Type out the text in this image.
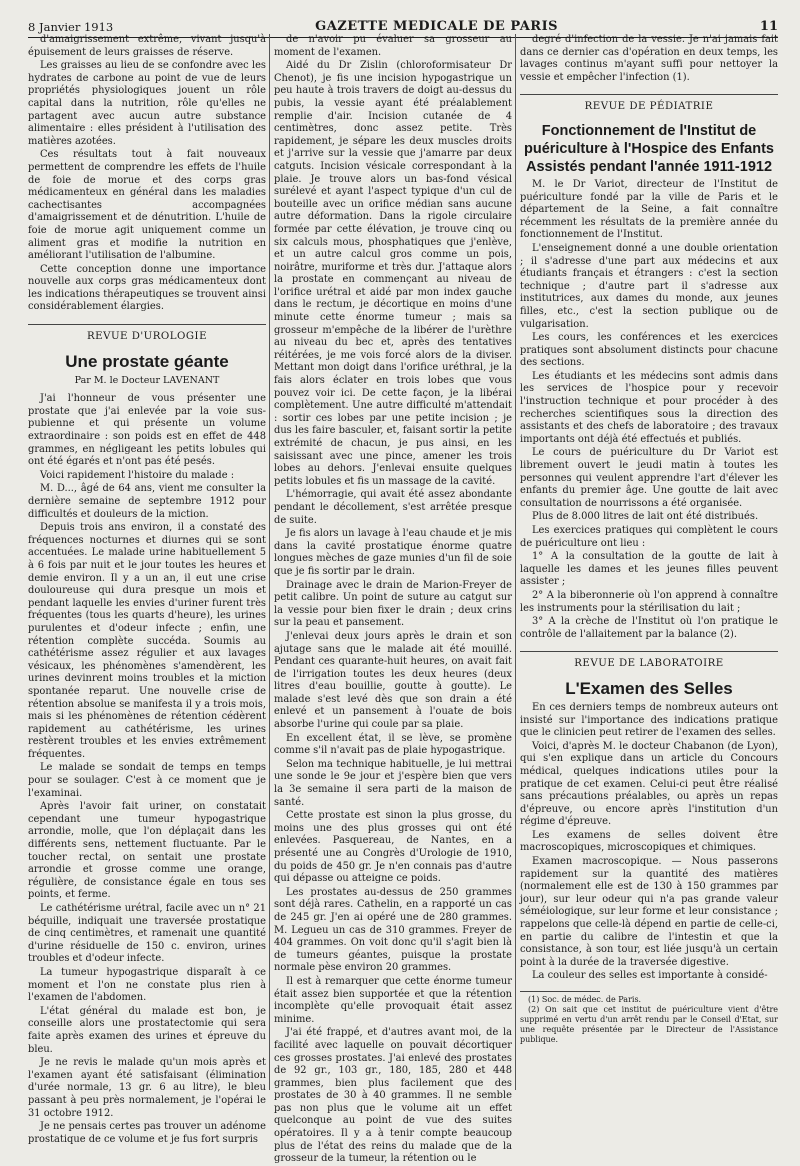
8 Janvier 1913	GAZETTE MEDICALE DE PARIS	11

d'amaigrissement extrême, vivant jusqu'à épuisement de leurs graisses de réserve.

Les graisses au lieu de se confondre avec les hydrates de carbone au point de vue de leurs propriétés physiologiques jouent un rôle capital dans la nutrition, rôle qu'elles ne partagent avec aucun autre substance alimentaire : elles président à l'utilisation des matières azotées.

Ces résultats tout à fait nouveaux permettent de comprendre les effets de l'huile de foie de morue et des corps gras médicamenteux en général dans les maladies cachectisantes accompagnées d'amaigrissement et de dénutrition. L'huile de foie de morue agit uniquement comme un aliment gras et modifie la nutrition en améliorant l'utilisation de l'albumine.

Cette conception donne une importance nouvelle aux corps gras médicamenteux dont les indications thérapeutiques se trouvent ainsi considérablement élargies.

REVUE D'UROLOGIE
Une prostate géante
Par M. le Docteur LAVENANT

J'ai l'honneur de vous présenter une prostate que j'ai enlevée par la voie sus-pubienne et qui présente un volume extraordinaire : son poids est en effet de 448 grammes, en négligeant les petits lobules qui ont été égarés et n'ont pas été pesés.

Voici rapidement l'histoire du malade :

M. D..., âgé de 64 ans, vient me consulter la dernière semaine de septembre 1912 pour difficultés et douleurs de la miction.

Depuis trois ans environ, il a constaté des fréquences nocturnes et diurnes qui se sont accentuées. Le malade urine habituellement 5 à 6 fois par nuit et le jour toutes les heures et demie environ. Il y a un an, il eut une crise douloureuse qui dura presque un mois et pendant laquelle les envies d'uriner furent très fréquentes (tous les quarts d'heure), les urines purulentes et d'odeur infecte ; enfin, une rétention complète succéda. Soumis au cathétérisme assez régulier et aux lavages vésicaux, les phénomènes s'amendèrent, les urines devinrent moins troubles et la miction spontanée reparut. Une nouvelle crise de rétention absolue se manifesta il y a trois mois, mais si les phénomènes de rétention cédèrent rapidement au cathétérisme, les urines restèrent troubles et les envies extrêmement fréquentes.

Le malade se sondait de temps en temps pour se soulager. C'est à ce moment que je l'examinai.

Après l'avoir fait uriner, on constatait cependant une tumeur hypogastrique arrondie, molle, que l'on déplaçait dans les différents sens, nettement fluctuante. Par le toucher rectal, on sentait une prostate arrondie et grosse comme une orange, régulière, de consistance égale en tous ses points, et ferme.

Le cathétérisme urétral, facile avec un n° 21 béquille, indiquait une traversée prostatique de cinq centimètres, et ramenait une quantité d'urine résiduelle de 150 c. environ, urines troubles et d'odeur infecte.

La tumeur hypogastrique disparaît à ce moment et l'on ne constate plus rien à l'examen de l'abdomen.

L'état général du malade est bon, je conseille alors une prostatectomie qui sera faite après examen des urines et épreuve du bleu.

Je ne revis le malade qu'un mois après et l'examen ayant été satisfaisant (élimination d'urée normale, 13 gr. 6 au litre), le bleu passant à peu près normalement, je l'opérai le 31 octobre 1912.

Je ne pensais certes pas trouver un adénome prostatique de ce volume et je fus fort surpris

de n'avoir pu évaluer sa grosseur au moment de l'examen.

Aidé du Dr Zislin (chloroformisateur Dr Chenot), je fis une incision hypogastrique un peu haute à trois travers de doigt au-dessus du pubis, la vessie ayant été préalablement remplie d'air. Incision cutanée de 4 centimètres, donc assez petite. Très rapidement, je sépare les deux muscles droits et j'arrive sur la vessie que j'amarre par deux catguts. Incision vésicale correspondant à la plaie. Je trouve alors un bas-fond vésical surélevé et ayant l'aspect typique d'un cul de bouteille avec un orifice médian sans aucune autre déformation. Dans la rigole circulaire formée par cette élévation, je trouve cinq ou six calculs mous, phosphatiques que j'enlève, et un autre calcul gros comme un pois, noirâtre, muriforme et très dur. J'attaque alors la prostate en commençant au niveau de l'orifice urétral et aidé par mon index gauche dans le rectum, je décortique en moins d'une minute cette énorme tumeur ; mais sa grosseur m'empêche de la libérer de l'urèthre au niveau du bec et, après des tentatives réitérées, je me vois forcé alors de la diviser. Mettant mon doigt dans l'orifice uréthral, je la fais alors éclater en trois lobes que vous pouvez voir ici. De cette façon, je la libérai complètement. Une autre difficulté m'attendait : sortir ces lobes par une petite incision ; je dus les faire basculer, et, faisant sortir la petite extrémité de chacun, je pus ainsi, en les saisissant avec une pince, amener les trois lobes au dehors. J'enlevai ensuite quelques petits lobules et fis un massage de la cavité.

L'hémorragie, qui avait été assez abondante pendant le décollement, s'est arrêtée presque de suite.

Je fis alors un lavage à l'eau chaude et je mis dans la cavité prostatique énorme quatre longues mèches de gaze munies d'un fil de soie que je fis sortir par le drain.

Drainage avec le drain de Marion-Freyer de petit calibre. Un point de suture au catgut sur la vessie pour bien fixer le drain ; deux crins sur la peau et pansement.

J'enlevai deux jours après le drain et son ajutage sans que le malade ait été mouillé. Pendant ces quarante-huit heures, on avait fait de l'irrigation toutes les deux heures (deux litres d'eau bouillie, goutte à goutte). Le malade s'est levé dès que son drain a été enlevé et un pansement à l'ouate de bois absorbe l'urine qui coule par sa plaie.

En excellent état, il se lève, se promène comme s'il n'avait pas de plaie hypogastrique.

Selon ma technique habituelle, je lui mettrai une sonde le 9e jour et j'espère bien que vers la 3e semaine il sera parti de la maison de santé.

Cette prostate est sinon la plus grosse, du moins une des plus grosses qui ont été enlevées. Pasquereau, de Nantes, en a présenté une au Congrès d'Urologie de 1910, du poids de 450 gr. Je n'en connais pas d'autre qui dépasse ou atteigne ce poids.

Les prostates au-dessus de 250 grammes sont déjà rares. Cathelin, en a rapporté un cas de 245 gr. J'en ai opéré une de 280 grammes. M. Legueu un cas de 310 grammes. Freyer de 404 grammes. On voit donc qu'il s'agit bien là de tumeurs géantes, puisque la prostate normale pèse environ 20 grammes.

Il est à remarquer que cette énorme tumeur était assez bien supportée et que la rétention incomplète qu'elle provoquait était assez minime.

J'ai été frappé, et d'autres avant moi, de la facilité avec laquelle on pouvait décortiquer ces grosses prostates. J'ai enlevé des prostates de 92 gr., 103 gr., 180, 185, 280 et 448 grammes, bien plus facilement que des prostates de 30 à 40 grammes. Il ne semble pas non plus que le volume ait un effet quelconque au point de vue des suites opératoires. Il y a à tenir compte beaucoup plus de l'état des reins du malade que de la grosseur de la tumeur, la rétention ou le

degré d'infection de la vessie. Je n'ai jamais fait dans ce dernier cas d'opération en deux temps, les lavages continus m'ayant suffi pour nettoyer la vessie et empêcher l'infection (1).

REVUE DE PÉDIATRIE
Fonctionnement de l'Institut de puériculture à l'Hospice des Enfants Assistés pendant l'année 1911-1912

M. le Dr Variot, directeur de l'Institut de puériculture fondé par la ville de Paris et le département de la Seine, a fait connaître récemment les résultats de la première année du fonctionnement de l'Institut.

L'enseignement donné a une double orientation ; il s'adresse d'une part aux médecins et aux étudiants français et étrangers : c'est la section technique ; d'autre part il s'adresse aux institutrices, aux dames du monde, aux jeunes filles, etc., c'est la section publique ou de vulgarisation.

Les cours, les conférences et les exercices pratiques sont absolument distincts pour chacune des sections.

Les étudiants et les médecins sont admis dans les services de l'hospice pour y recevoir l'instruction technique et pour procéder à des recherches scientifiques sous la direction des assistants et des chefs de laboratoire ; des travaux importants ont déjà été effectués et publiés.

Le cours de puériculture du Dr Variot est librement ouvert le jeudi matin à toutes les personnes qui veulent apprendre l'art d'élever les enfants du premier âge. Une goutte de lait avec consultation de nourrissons a été organisée.

Plus de 8.000 litres de lait ont été distribués.

Les exercices pratiques qui complètent le cours de puériculture ont lieu :

1° A la consultation de la goutte de lait à laquelle les dames et les jeunes filles peuvent assister ;

2° A la biberonnerie où l'on apprend à connaître les instruments pour la stérilisation du lait ;

3° A la crèche de l'Institut où l'on pratique le contrôle de l'allaitement par la balance (2).

REVUE DE LABORATOIRE
L'Examen des Selles

En ces derniers temps de nombreux auteurs ont insisté sur l'importance des indications pratique que le clinicien peut retirer de l'examen des selles.

Voici, d'après M. le docteur Chabanon (de Lyon), qui s'en explique dans un article du Concours médical, quelques indications utiles pour la pratique de cet examen. Celui-ci peut être réalisé sans précautions préalables, ou après un repas d'épreuve, ou encore après l'institution d'un régime d'épreuve.

Les examens de selles doivent être macroscopiques, microscopiques et chimiques.

Examen macroscopique. — Nous passerons rapidement sur la quantité des matières (normalement elle est de 130 à 150 grammes par jour), sur leur odeur qui n'a pas grande valeur séméiologique, sur leur forme et leur consistance ; rappelons que celle-là dépend en partie de celle-ci, en partie du calibre de l'intestin et que la consistance, à son tour, est liée jusqu'à un certain point à la durée de la traversée digestive.

La couleur des selles est importante à considé-

(1) Soc. de médec. de Paris.

(2) On sait que cet institut de puériculture vient d'être supprimé en vertu d'un arrêt rendu par le Conseil d'Etat, sur une requête présentée par le Directeur de l'Assistance publique.
